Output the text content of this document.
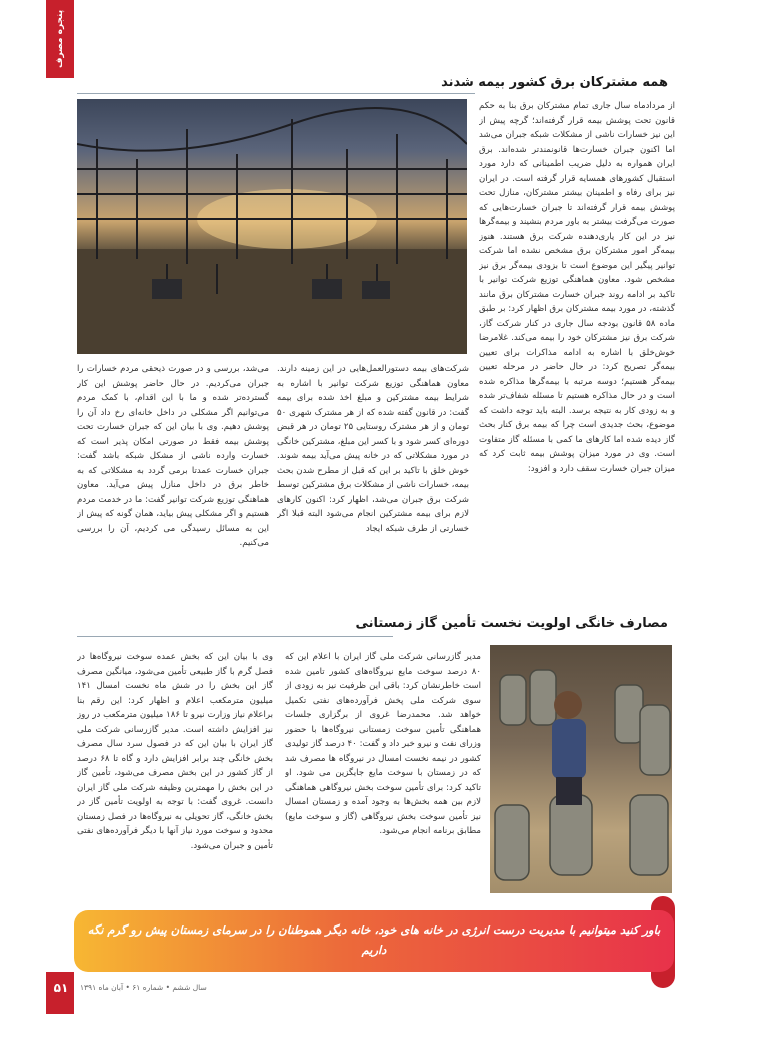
پنجره مصرف
همه مشترکان برق کشور بیمه شدند
از مردادماه سال جاری تمام مشترکان برق بنا به حکم قانون تحت پوشش بیمه قرار گرفته‌اند؛ گرچه پیش از این نیز خسارات ناشی از مشکلات شبکه جبران می‌شد اما اکنون جبران خسارت‌ها قانونمندتر شده‌اند. برق ایران همواره به دلیل ضریب اطمینانی که دارد مورد استقبال کشورهای همسایه قرار گرفته است. در ایران نیز برای رفاه و اطمینان بیشتر مشترکان، منازل تحت پوشش بیمه قرار گرفته‌اند تا جبران خسارت‌هایی که صورت می‌گرفت بیشتر به باور مردم بنشیند و بیمه‌گرها نیز در این کار یاری‌دهنده شرکت برق هستند. هنوز بیمه‌گر امور مشترکان برق مشخص نشده اما شرکت توانیر پیگیر این موضوع است تا بزودی بیمه‌گر برق نیز مشخص شود. معاون هماهنگی توزیع شرکت توانیر با تاکید بر ادامه روند جبران خسارت مشترکان برق مانند گذشته، در مورد بیمه مشترکان برق اظهار کرد: بر طبق ماده ۵۸ قانون بودجه سال جاری در کنار شرکت گاز، شرکت برق نیز مشترکان خود را بیمه می‌کند. غلامرضا خوش‌خلق با اشاره به ادامه مذاکرات برای تعیین بیمه‌گر تصریح کرد: در حال حاضر در مرحله تعیین بیمه‌گر هستیم؛ دوسه مرتبه با بیمه‌گرها مذاکره شده است و در حال مذاکره هستیم تا مسئله شفاف‌تر شده و به زودی کار به نتیجه برسد. البته باید توجه داشت که موضوع، بحث جدیدی است چرا که بیمه برق کنار بحث گاز دیده شده اما کارهای ما کمی با مسئله گاز متفاوت است. وی در مورد میزان پوشش بیمه ثابت کرد که میزان جبران خسارت سقف دارد و افزود:
شرکت‌های بیمه دستورالعمل‌هایی در این زمینه دارند. معاون هماهنگی توزیع شرکت توانیر با اشاره به شرایط بیمه مشترکین و مبلغ اخذ شده برای بیمه گفت: در قانون گفته شده که از هر مشترک شهری ۵۰ تومان و از هر مشترک روستایی ۲۵ تومان در هر قبض دوره‌ای کسر شود و با کسر این مبلغ، مشترکین خانگی در مورد مشکلاتی که در خانه پیش می‌آید بیمه شوند. خوش خلق با تاکید بر این که قبل از مطرح شدن بحث بیمه، خسارات ناشی از مشکلات برق مشترکین توسط شرکت برق جبران می‌شد، اظهار کرد: اکنون کارهای لازم برای بیمه مشترکین انجام می‌شود البته قبلا اگر خسارتی از طرف شبکه ایجاد
می‌شد، بررسی و در صورت ذیحقی مردم خسارات را جبران می‌کردیم. در حال حاضر پوشش این کار گسترده‌تر شده و ما با این اقدام، با کمک مردم می‌توانیم اگر مشکلی در داخل خانه‌ای رخ داد آن را پوشش دهیم. وی با بیان این که جبران خسارت تحت پوشش بیمه فقط در صورتی امکان پذیر است که خسارت وارده ناشی از مشکل شبکه باشد گفت: جبران خسارت عمدتا برمی گردد به مشکلاتی که به خاطر برق در داخل منازل پیش می‌آید. معاون هماهنگی توزیع شرکت توانیر گفت: ما در خدمت مردم هستیم و اگر مشکلی پیش بیاید، همان گونه که پیش از این به مسائل رسیدگی می کردیم، آن را بررسی می‌کنیم.
مصارف خانگی اولویت نخست تأمین گاز زمستانی
مدیر گازرسانی شرکت ملی گاز ایران با اعلام این که ۸۰ درصد سوخت مایع نیروگاه‌های کشور تامین شده است خاطرنشان کرد: باقی این ظرفیت نیز به زودی از سوی شرکت ملی پخش فرآورده‌های نفتی تکمیل خواهد شد. محمدرضا غروی از برگزاری جلسات هماهنگی تأمین سوخت زمستانی نیروگاه‌ها با حضور وزرای نفت و نیرو خبر داد و گفت: ۴۰ درصد گاز تولیدی کشور در نیمه نخست امسال در نیروگاه ها مصرف شد که در زمستان با سوخت مایع جایگزین می شود. او تاکید کرد: برای تأمین سوخت بخش نیروگاهی هماهنگی لازم بین همه بخش‌ها به وجود آمده و زمستان امسال نیز تأمین سوخت بخش نیروگاهی (گاز و سوخت مایع) مطابق برنامه انجام می‌شود.
وی با بیان این که بخش عمده سوخت نیروگاه‌ها در فصل گرم با گاز طبیعی تأمین می‌شود، میانگین مصرف گاز این بخش را در شش ماه نخست امسال ۱۴۱ میلیون مترمکعب اعلام و اظهار کرد: این رقم بنا براعلام نیاز وزارت نیرو تا ۱۸۶ میلیون مترمکعب در روز نیز افزایش داشته است. مدیر گازرسانی شرکت ملی گاز ایران با بیان این که در فصول سرد سال مصرف بخش خانگی چند برابر افزایش دارد و گاه تا ۶۸ درصد از گاز کشور در این بخش مصرف می‌شود، تأمین گاز در این بخش را مهمترین وظیفه شرکت ملی گاز ایران دانست. غروی گفت: با توجه به اولویت تأمین گاز در بخش خانگی، گاز تحویلی به نیروگاه‌ها در فصل زمستان محدود و سوخت مورد نیاز آنها با دیگر فرآورده‌های نفتی تأمین و جبران می‌شود.
باور کنید میتوانیم با مدیریت درست انرژی در خانه های خود، خانه دیگر هموطنان را در سرمای زمستان پیش رو گرم نگه داریم
۵۱	سال ششم • شماره ۶۱ • آبان ماه ۱۳۹۱
